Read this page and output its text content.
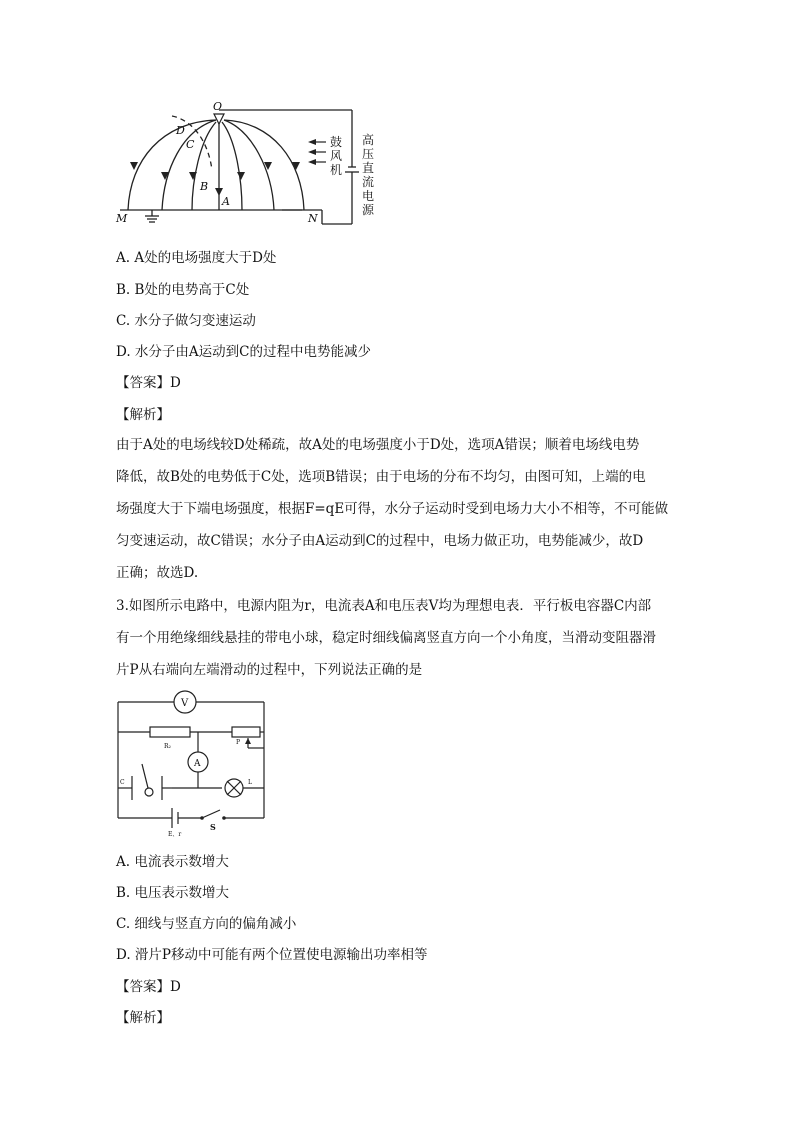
O
D
C
B
A
M	N
鼓
风
机
高
压
直
流
电
源
A. A处的电场强度大于D处
B. B处的电势高于C处
C. 水分子做匀变速运动
D. 水分子由A运动到C的过程中电势能减少
【答案】D
【解析】
由于A处的电场线较D处稀疏，故A处的电场强度小于D处，选项A错误；顺着电场线电势
降低，故B处的电势低于C处，选项B错误；由于电场的分布不均匀，由图可知，上端的电
场强度大于下端电场强度，根据F=qE可得，水分子运动时受到电场力大小不相等，不可能做
匀变速运动，故C错误；水分子由A运动到C的过程中，电场力做正功，电势能减少，故D
正确；故选D.
3.如图所示电路中，电源内阻为r，电流表A和电压表V均为理想电表．平行板电容器C内部
有一个用绝缘细线悬挂的带电小球，稳定时细线偏离竖直方向一个小角度，当滑动变阻器滑
片P从右端向左端滑动的过程中，下列说法正确的是
V
A
R₂
P
C	L
S
E、r
A. 电流表示数增大
B. 电压表示数增大
C. 细线与竖直方向的偏角减小
D. 滑片P移动中可能有两个位置使电源输出功率相等
【答案】D
【解析】
